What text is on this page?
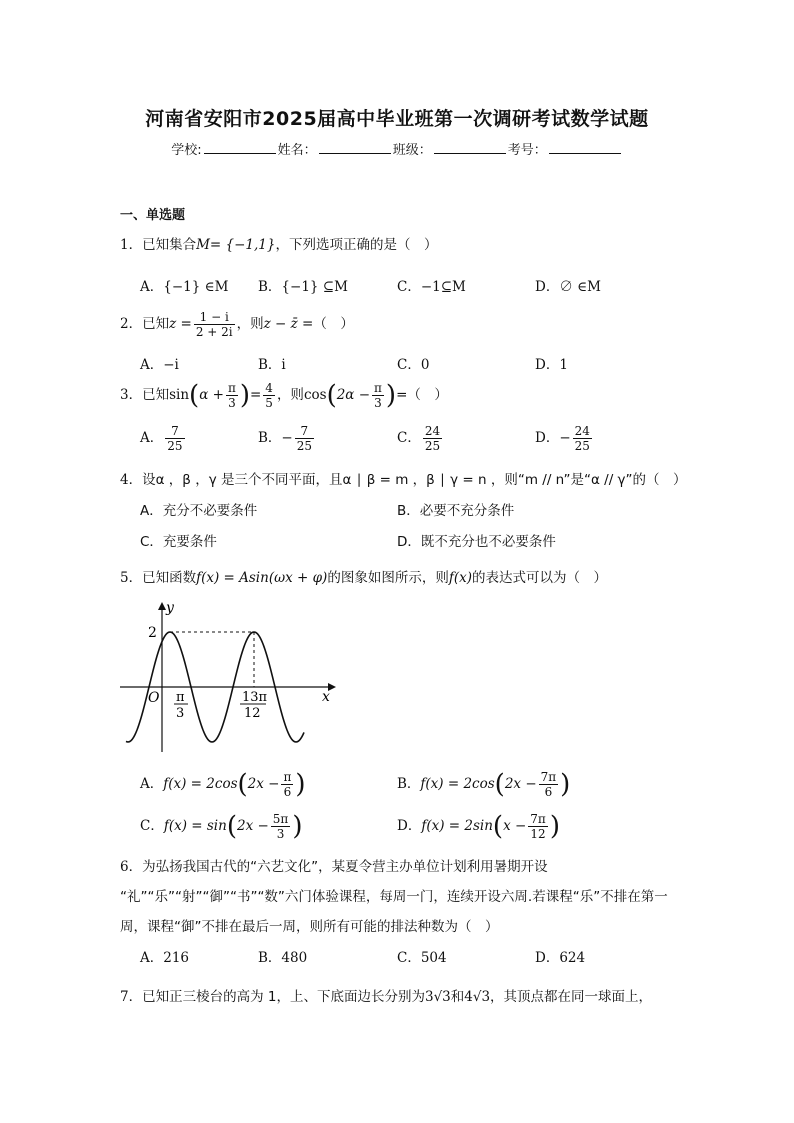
河南省安阳市2025届高中毕业班第一次调研考试数学试题
学校:	姓名：	班级：	考号：
一、单选题
1．已知集合M= {−1,1}，下列选项正确的是（　）
A．{−1} ∈M B．{−1} ⊆M	C．−1⊆M	D．∅ ∈M
2．已知$z = \frac{1 - i}{2 + 2i}$ ，则z − z̄ =（　）
A．−i	B．i	C．0	D．1
3．已知$\sin(\alpha + \frac{\pi}{3}$ )= $\frac{4}{5}$ ，则$\cos(2\alpha - \frac{\pi}{3}$ )=（　）
A． $\frac{7}{25}$	B．− $\frac{7}{25}$	C． $\frac{24}{25}$	D．− $\frac{24}{25}$
4．设α ，β ，γ 是三个不同平面，且α ∣ β = m ，β ∣ γ = n ，则“m // n”是“α // γ”的（　）
A．充分不必要条件	B．必要不充分条件
C．充要条件	D．既不充分也不必要条件
5．已知函数f(x) = Asin(ωx + φ)的图象如图所示，则f(x)的表达式可以为（　）
y
x
O
2
π
3
13π
12
A．$f(x) = 2\cos(2x - \frac{\pi}{6}$ )	B．$f(x) = 2\cos(2x - \frac{7\pi}{6}$ )
C．$f(x) = \sin(2x - \frac{5\pi}{3}$ )	D．$f(x) = 2\sin(x - \frac{7\pi}{12}$ )
6．为弘扬我国古代的“六艺文化”，某夏令营主办单位计划利用暑期开设
“礼”“乐”“射”“御”“书”“数”六门体验课程，每周一门，连续开设六周.若课程“乐”不排在第一
周，课程“御”不排在最后一周，则所有可能的排法种数为（　）
A．216	B．480	C．504	D．624
7．已知正三棱台的高为 1，上、下底面边长分别为3√3和4√3，其顶点都在同一球面上，
